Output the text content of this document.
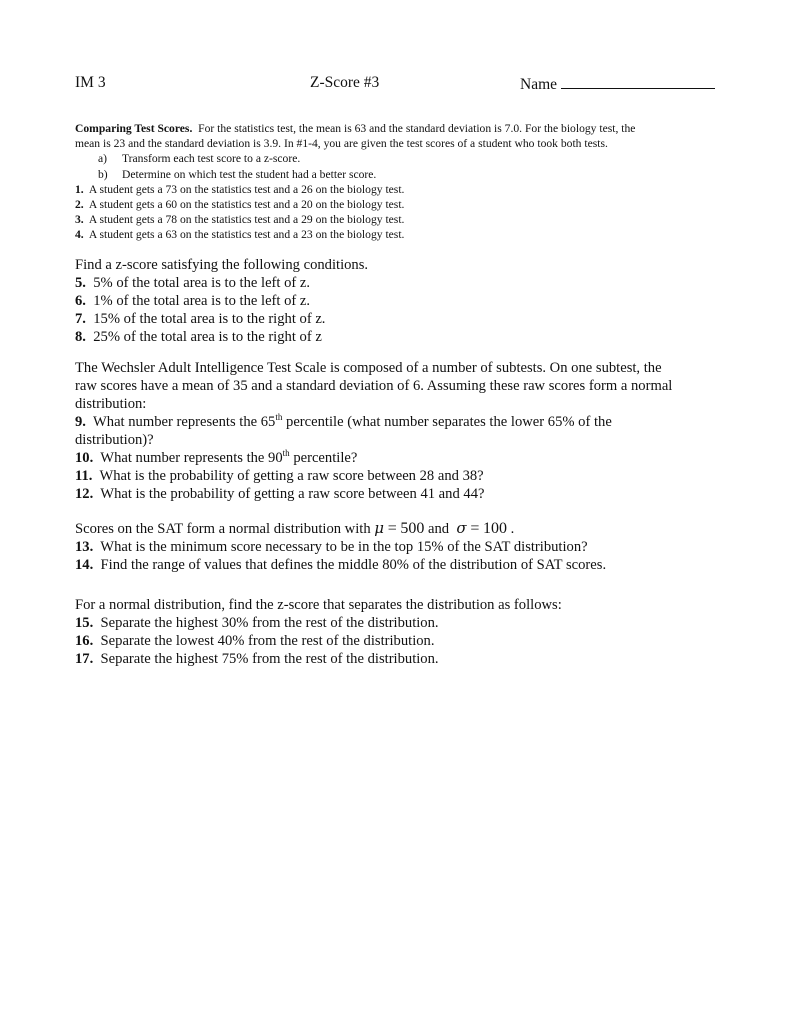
IM 3	Z-Score #3	Name

Comparing Test Scores. For the statistics test, the mean is 63 and the standard deviation is 7.0. For the biology test, the

mean is 23 and the standard deviation is 3.9. In #1-4, you are given the test scores of a student who took both tests.

a) Transform each test score to a z-score.

b) Determine on which test the student had a better score.

1. A student gets a 73 on the statistics test and a 26 on the biology test.

2. A student gets a 60 on the statistics test and a 20 on the biology test.

3. A student gets a 78 on the statistics test and a 29 on the biology test.

4. A student gets a 63 on the statistics test and a 23 on the biology test.

Find a z-score satisfying the following conditions.

5. 5% of the total area is to the left of z.

6. 1% of the total area is to the left of z.

7. 15% of the total area is to the right of z.

8. 25% of the total area is to the right of z

The Wechsler Adult Intelligence Test Scale is composed of a number of subtests. On one subtest, the

raw scores have a mean of 35 and a standard deviation of 6. Assuming these raw scores form a normal

distribution:

9. What number represents the 65th percentile (what number separates the lower 65% of the

distribution)?

10. What number represents the 90th percentile?

11. What is the probability of getting a raw score between 28 and 38?

12. What is the probability of getting a raw score between 41 and 44?

Scores on the SAT form a normal distribution with μ = 500 and σ = 100 .

13. What is the minimum score necessary to be in the top 15% of the SAT distribution?

14. Find the range of values that defines the middle 80% of the distribution of SAT scores.

For a normal distribution, find the z-score that separates the distribution as follows:

15. Separate the highest 30% from the rest of the distribution.

16. Separate the lowest 40% from the rest of the distribution.

17. Separate the highest 75% from the rest of the distribution.
